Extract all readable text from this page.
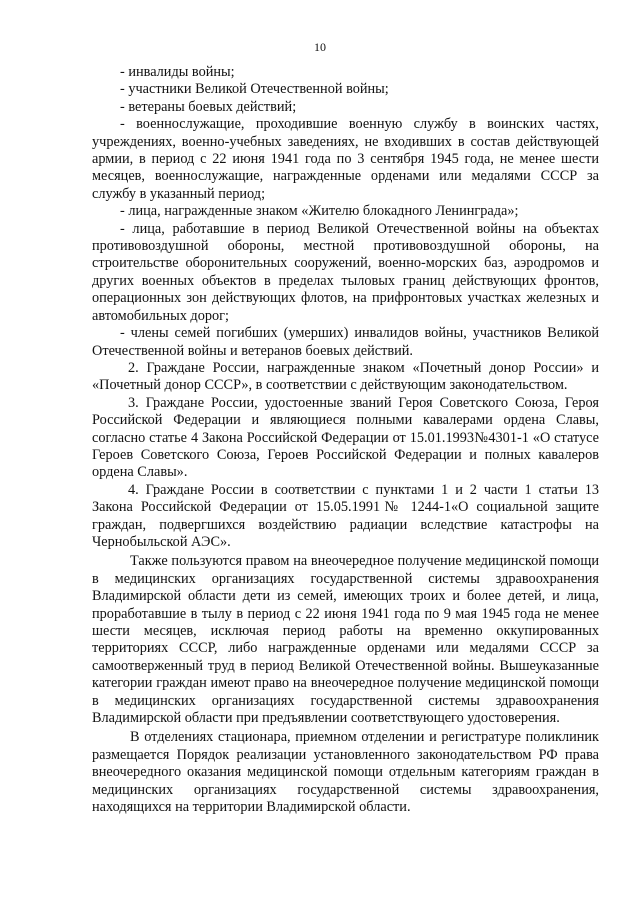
10

- инвалиды войны;

- участники Великой Отечественной войны;

- ветераны боевых действий;

- военнослужащие, проходившие военную службу в воинских частях, учреждениях, военно-учебных заведениях, не входивших в состав действующей армии, в период с 22 июня 1941 года по 3 сентября 1945 года, не менее шести месяцев, военнослужащие, награжденные орденами или медалями СССР за службу в указанный период;

- лица, награжденные знаком «Жителю блокадного Ленинграда»;

- лица, работавшие в период Великой Отечественной войны на объектах противовоздушной обороны, местной противовоздушной обороны, на строительстве оборонительных сооружений, военно-морских баз, аэродромов и других военных объектов в пределах тыловых границ действующих фронтов, операционных зон действующих флотов, на прифронтовых участках железных и автомобильных дорог;

- члены семей погибших (умерших) инвалидов войны, участников Великой Отечественной войны и ветеранов боевых действий.

2. Граждане России, награжденные знаком «Почетный донор России» и «Почетный донор СССР», в соответствии с действующим законодательством.

3. Граждане России, удостоенные званий Героя Советского Союза, Героя Российской Федерации и являющиеся полными кавалерами ордена Славы, согласно статье 4 Закона Российской Федерации от 15.01.1993№4301-1 «О статусе Героев Советского Союза, Героев Российской Федерации и полных кавалеров ордена Славы».

4. Граждане России в соответствии с пунктами 1 и 2 части 1 статьи 13 Закона Российской Федерации от 15.05.1991№ 1244-1«О социальной защите граждан, подвергшихся воздействию радиации вследствие катастрофы на Чернобыльской АЭС».

Также пользуются правом на внеочередное получение медицинской помощи в медицинских организациях государственной системы здравоохранения Владимирской области дети из семей, имеющих троих и более детей, и лица, проработавшие в тылу в период с 22 июня 1941 года по 9 мая 1945 года не менее шести месяцев, исключая период работы на временно оккупированных территориях СССР, либо награжденные орденами или медалями СССР за самоотверженный труд в период Великой Отечественной войны. Вышеуказанные категории граждан имеют право на внеочередное получение медицинской помощи в медицинских организациях государственной системы здравоохранения Владимирской области при предъявлении соответствующего удостоверения.

В отделениях стационара, приемном отделении и регистратуре поликлиник размещается Порядок реализации установленного законодательством РФ права внеочередного оказания медицинской помощи отдельным категориям граждан в медицинских организациях государственной системы здравоохранения, находящихся на территории Владимирской области.
